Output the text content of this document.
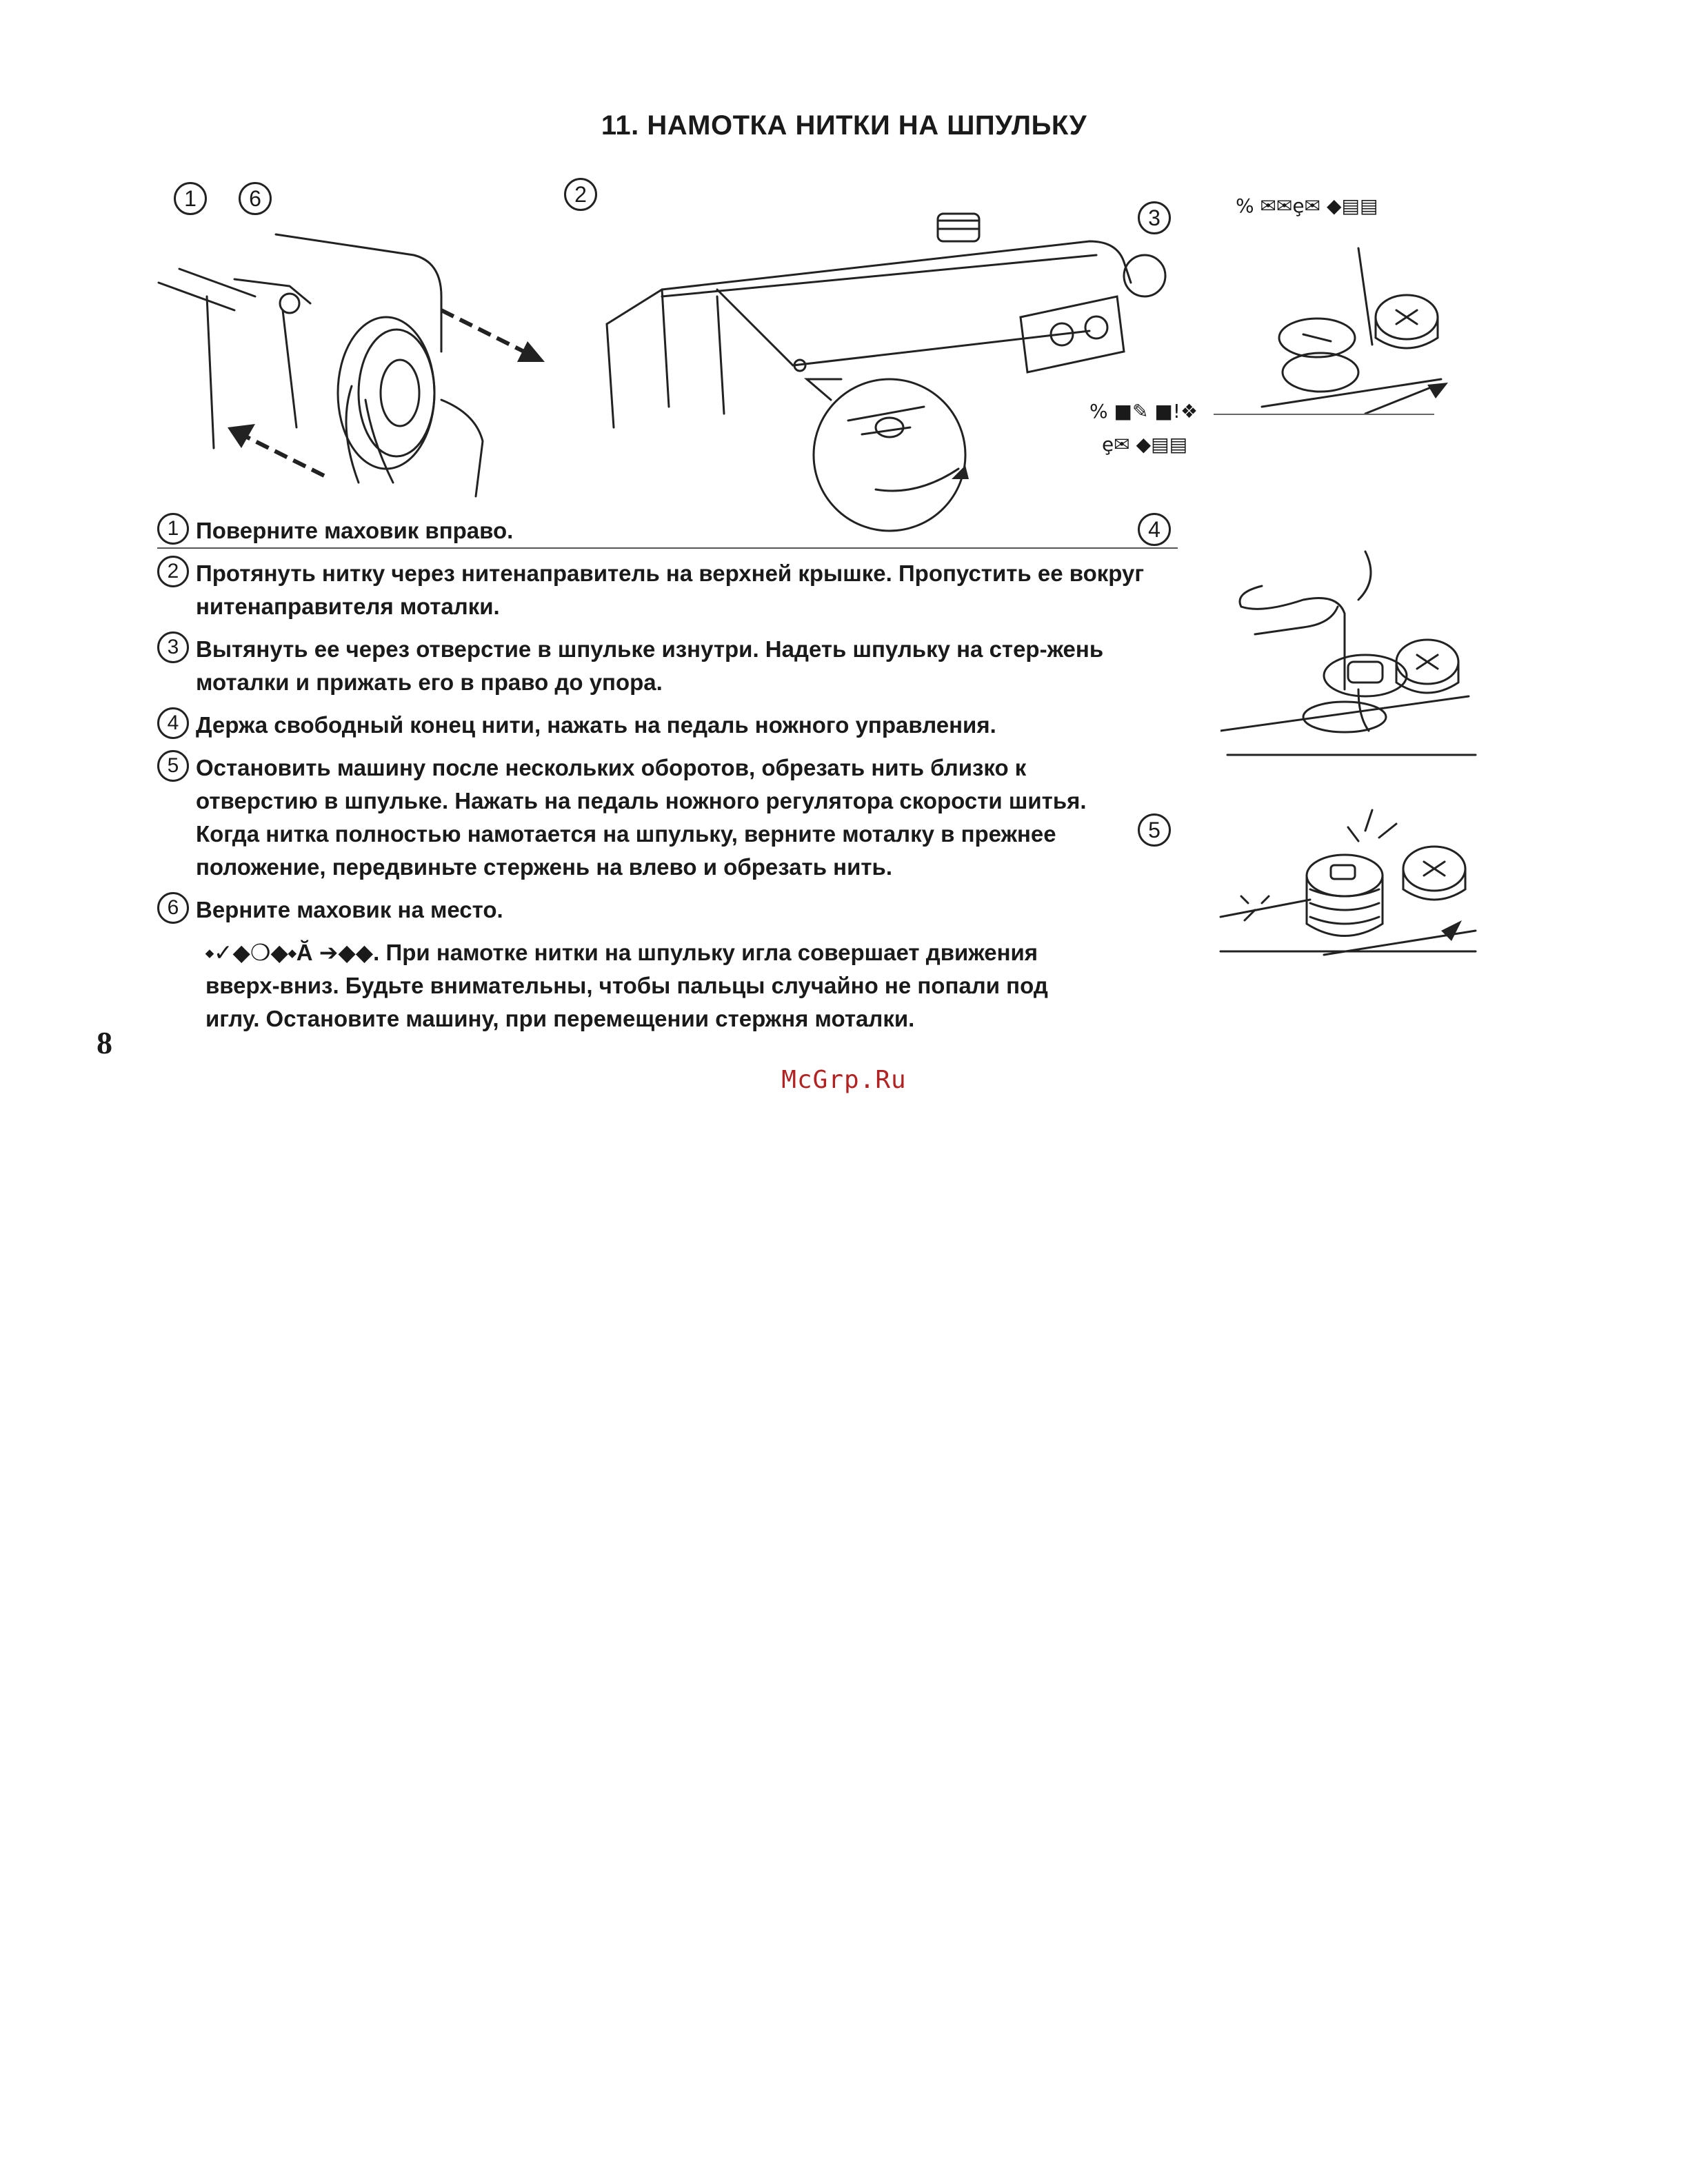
11. НАМОТКА НИТКИ НА ШПУЛЬКУ
1	6	2
3	% ✉✉ȩ✉ ◆▤▤
% ■✎ ■!❖
ȩ✉ ◆▤▤
4
5
1 Поверните маховик вправо.
2 Протянуть нитку через нитенаправитель на верхней крышке. Пропустить ее вокруг нитенаправителя моталки.
3 Вытянуть ее через отверстие в шпульке изнутри. Надеть шпульку на стер-жень моталки и прижать его в право до упора.
4 Держа свободный конец нити, нажать на педаль ножного управления.
5 Остановить машину после нескольких оборотов, обрезать нить близко к отверстию в шпульке. Нажать на педаль ножного регулятора скорости шитья. Когда нитка полностью намотается на шпульку, верните моталку в прежнее положение, передвиньте стержень на влево и обрезать нить.
6 Верните маховик на место.
⬩✓◆❍◆⬩Ӑ ➔◆◆. При намотке нитки на шпульку игла совершает движения вверх-вниз. Будьте внимательны, чтобы пальцы случайно не попали под иглу. Остановите машину, при перемещении стержня моталки.
8
McGrp.Ru
